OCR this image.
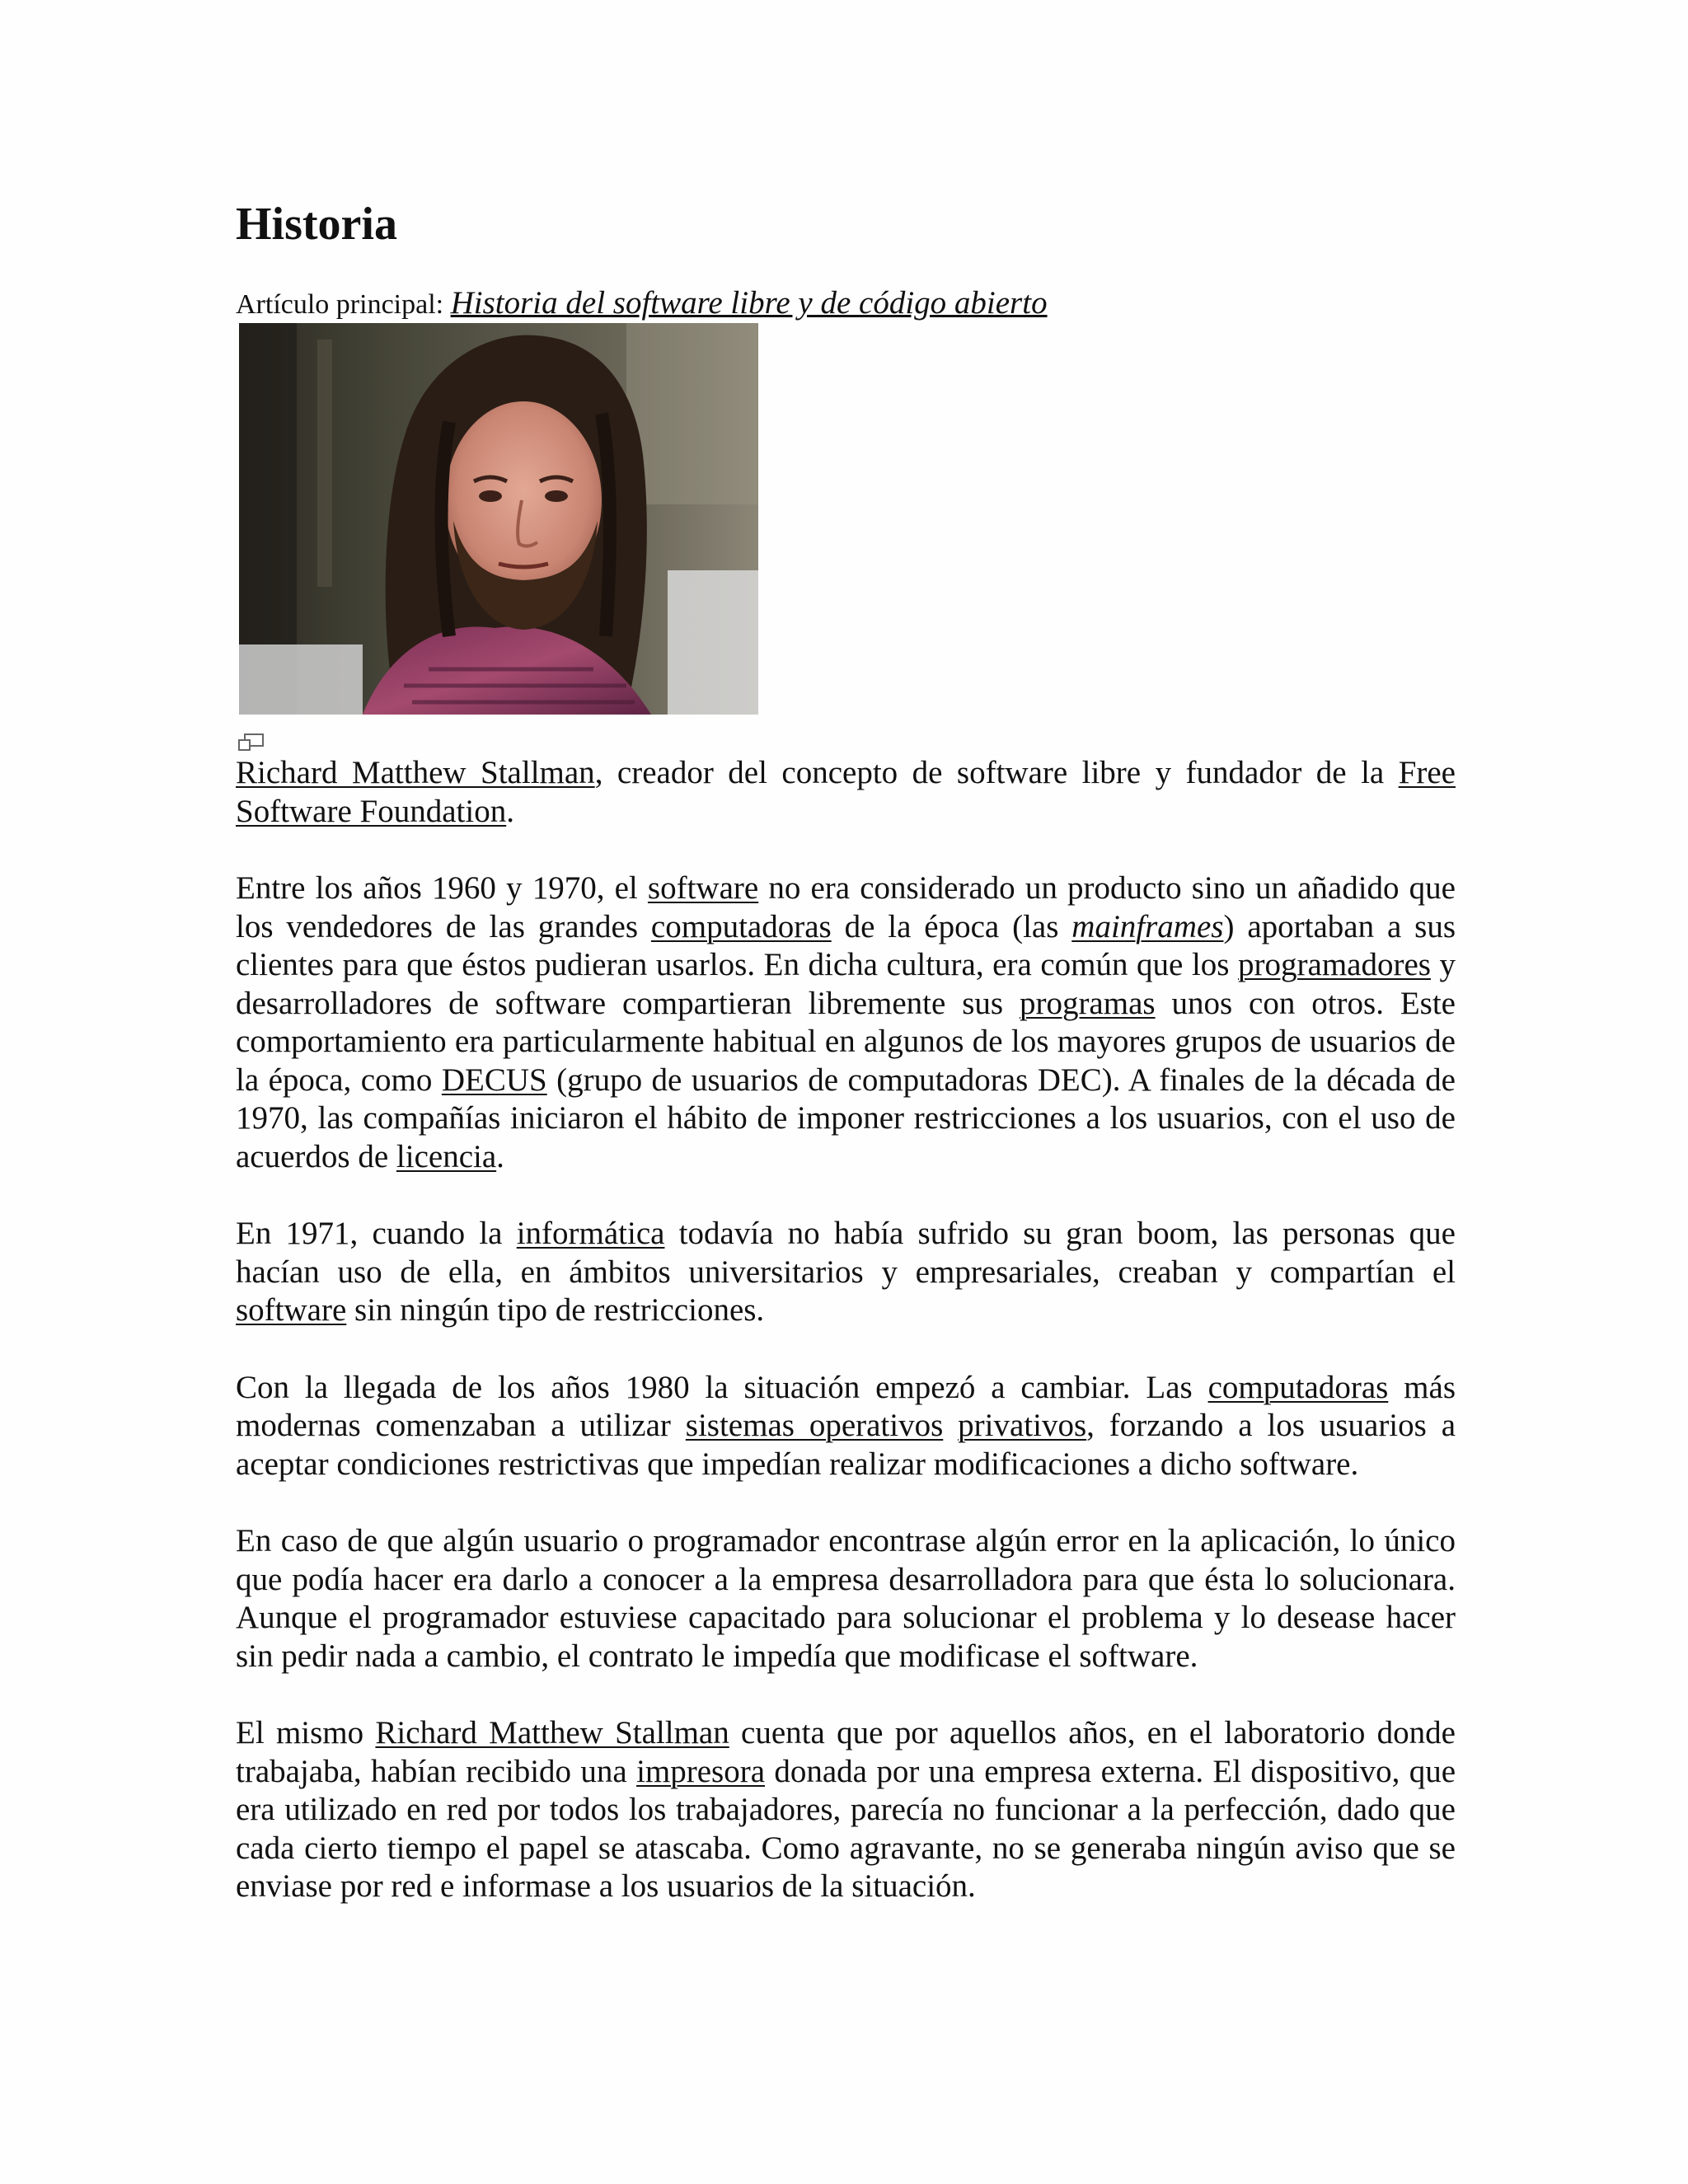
Historia

Artículo principal: Historia del software libre y de código abierto

Richard Matthew Stallman, creador del concepto de software libre y fundador de la Free Software Foundation.

Entre los años 1960 y 1970, el software no era considerado un producto sino un añadido que los vendedores de las grandes computadoras de la época (las mainframes) aportaban a sus clientes para que éstos pudieran usarlos. En dicha cultura, era común que los programadores y desarrolladores de software compartieran libremente sus programas unos con otros. Este comportamiento era particularmente habitual en algunos de los mayores grupos de usuarios de la época, como DECUS (grupo de usuarios de computadoras DEC). A finales de la década de 1970, las compañías iniciaron el hábito de imponer restricciones a los usuarios, con el uso de acuerdos de licencia.

En 1971, cuando la informática todavía no había sufrido su gran boom, las personas que hacían uso de ella, en ámbitos universitarios y empresariales, creaban y compartían el software sin ningún tipo de restricciones.

Con la llegada de los años 1980 la situación empezó a cambiar. Las computadoras más modernas comenzaban a utilizar sistemas operativos privativos, forzando a los usuarios a aceptar condiciones restrictivas que impedían realizar modificaciones a dicho software.

En caso de que algún usuario o programador encontrase algún error en la aplicación, lo único que podía hacer era darlo a conocer a la empresa desarrolladora para que ésta lo solucionara. Aunque el programador estuviese capacitado para solucionar el problema y lo desease hacer sin pedir nada a cambio, el contrato le impedía que modificase el software.

El mismo Richard Matthew Stallman cuenta que por aquellos años, en el laboratorio donde trabajaba, habían recibido una impresora donada por una empresa externa. El dispositivo, que era utilizado en red por todos los trabajadores, parecía no funcionar a la perfección, dado que cada cierto tiempo el papel se atascaba. Como agravante, no se generaba ningún aviso que se enviase por red e informase a los usuarios de la situación.
